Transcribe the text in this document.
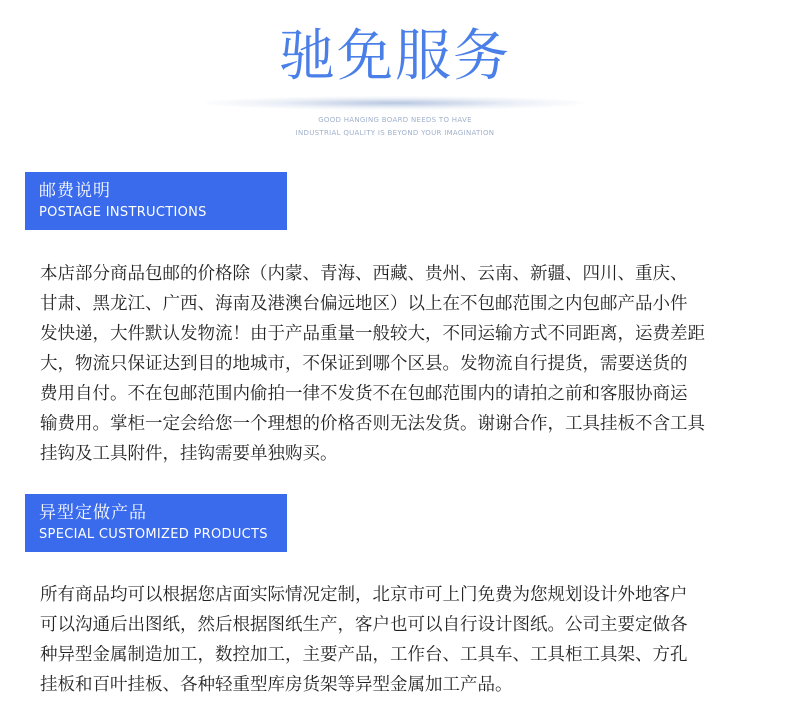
驰免服务

GOOD HANGING BOARD NEEDS TO HAVE

INDUSTRIAL QUALITY IS BEYOND YOUR IMAGINATION

邮费说明
POSTAGE INSTRUCTIONS
本店部分商品包邮的价格除（内蒙、青海、西藏、贵州、云南、新疆、四川、重庆、
甘肃、黑龙江、广西、海南及港澳台偏远地区）以上在不包邮范围之内包邮产品小件
发快递，大件默认发物流！由于产品重量一般较大，不同运输方式不同距离，运费差距
大，物流只保证达到目的地城市，不保证到哪个区县。发物流自行提货，需要送货的
费用自付。不在包邮范围内偷拍一律不发货不在包邮范围内的请拍之前和客服协商运
输费用。掌柜一定会给您一个理想的价格否则无法发货。谢谢合作，工具挂板不含工具
挂钩及工具附件，挂钩需要单独购买。
异型定做产品
SPECIAL CUSTOMIZED PRODUCTS
所有商品均可以根据您店面实际情况定制，北京市可上门免费为您规划设计外地客户
可以沟通后出图纸，然后根据图纸生产，客户也可以自行设计图纸。公司主要定做各
种异型金属制造加工，数控加工，主要产品，工作台、工具车、工具柜工具架、方孔
挂板和百叶挂板、各种轻重型库房货架等异型金属加工产品。
